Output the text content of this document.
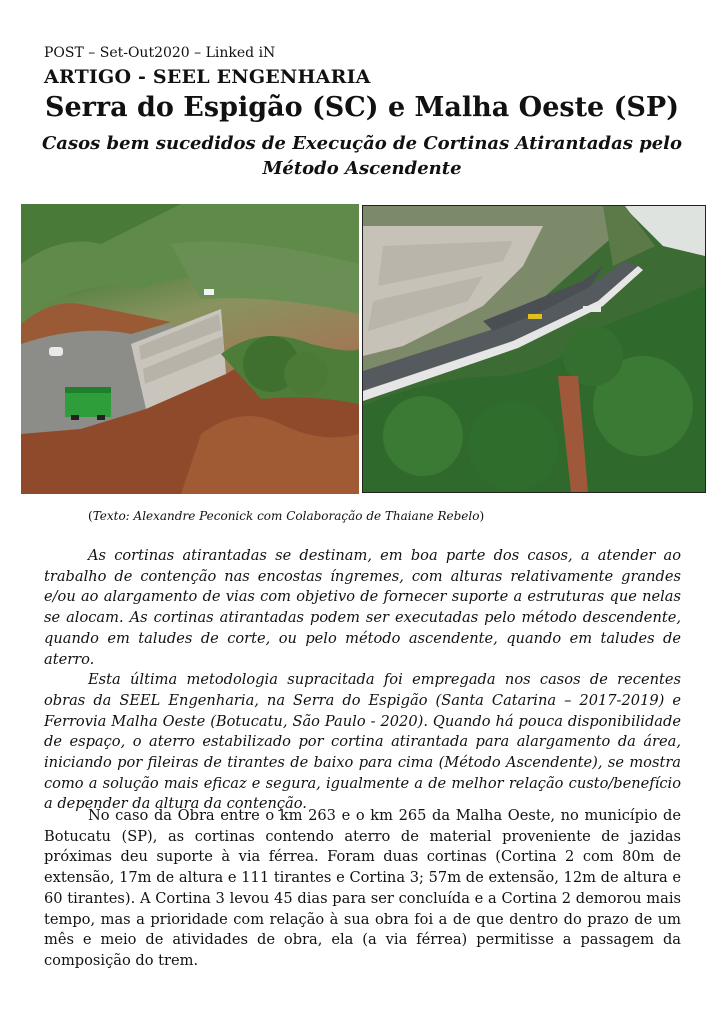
POST – Set-Out2020 – Linked iN
ARTIGO - SEEL ENGENHARIA
Serra do Espigão (SC) e Malha Oeste (SP)
Casos bem sucedidos de Execução de Cortinas Atirantadas pelo Método Ascendente
(Texto: Alexandre Peconick com Colaboração de Thaiane Rebelo)

As cortinas atirantadas se destinam, em boa parte dos casos, a atender ao trabalho de contenção nas encostas íngremes, com alturas relativamente grandes e/ou ao alargamento de vias com objetivo de fornecer suporte a estruturas que nelas se alocam. As cortinas atirantadas podem ser executadas pelo método descendente, quando em taludes de corte, ou pelo método ascendente, quando em taludes de aterro.

Esta última metodologia supracitada foi empregada nos casos de recentes obras da SEEL Engenharia, na Serra do Espigão (Santa Catarina – 2017-2019) e Ferrovia Malha Oeste (Botucatu, São Paulo - 2020). Quando há pouca disponibilidade de espaço, o aterro estabilizado por cortina atirantada para alargamento da área, iniciando por fileiras de tirantes de baixo para cima (Método Ascendente), se mostra como a solução mais eficaz e segura, igualmente a de melhor relação custo/benefício a depender da altura da contenção.

No caso da Obra entre o km 263 e o km 265 da Malha Oeste, no município de Botucatu (SP), as cortinas contendo aterro de material proveniente de jazidas próximas deu suporte à via férrea. Foram duas cortinas (Cortina 2 com 80m de extensão, 17m de altura e 111 tirantes e Cortina 3; 57m de extensão, 12m de altura e 60 tirantes). A Cortina 3 levou 45 dias para ser concluída e a Cortina 2 demorou mais tempo, mas a prioridade com relação à sua obra foi a de que dentro do prazo de um mês e meio de atividades de obra, ela (a via férrea) permitisse a passagem da composição do trem.
